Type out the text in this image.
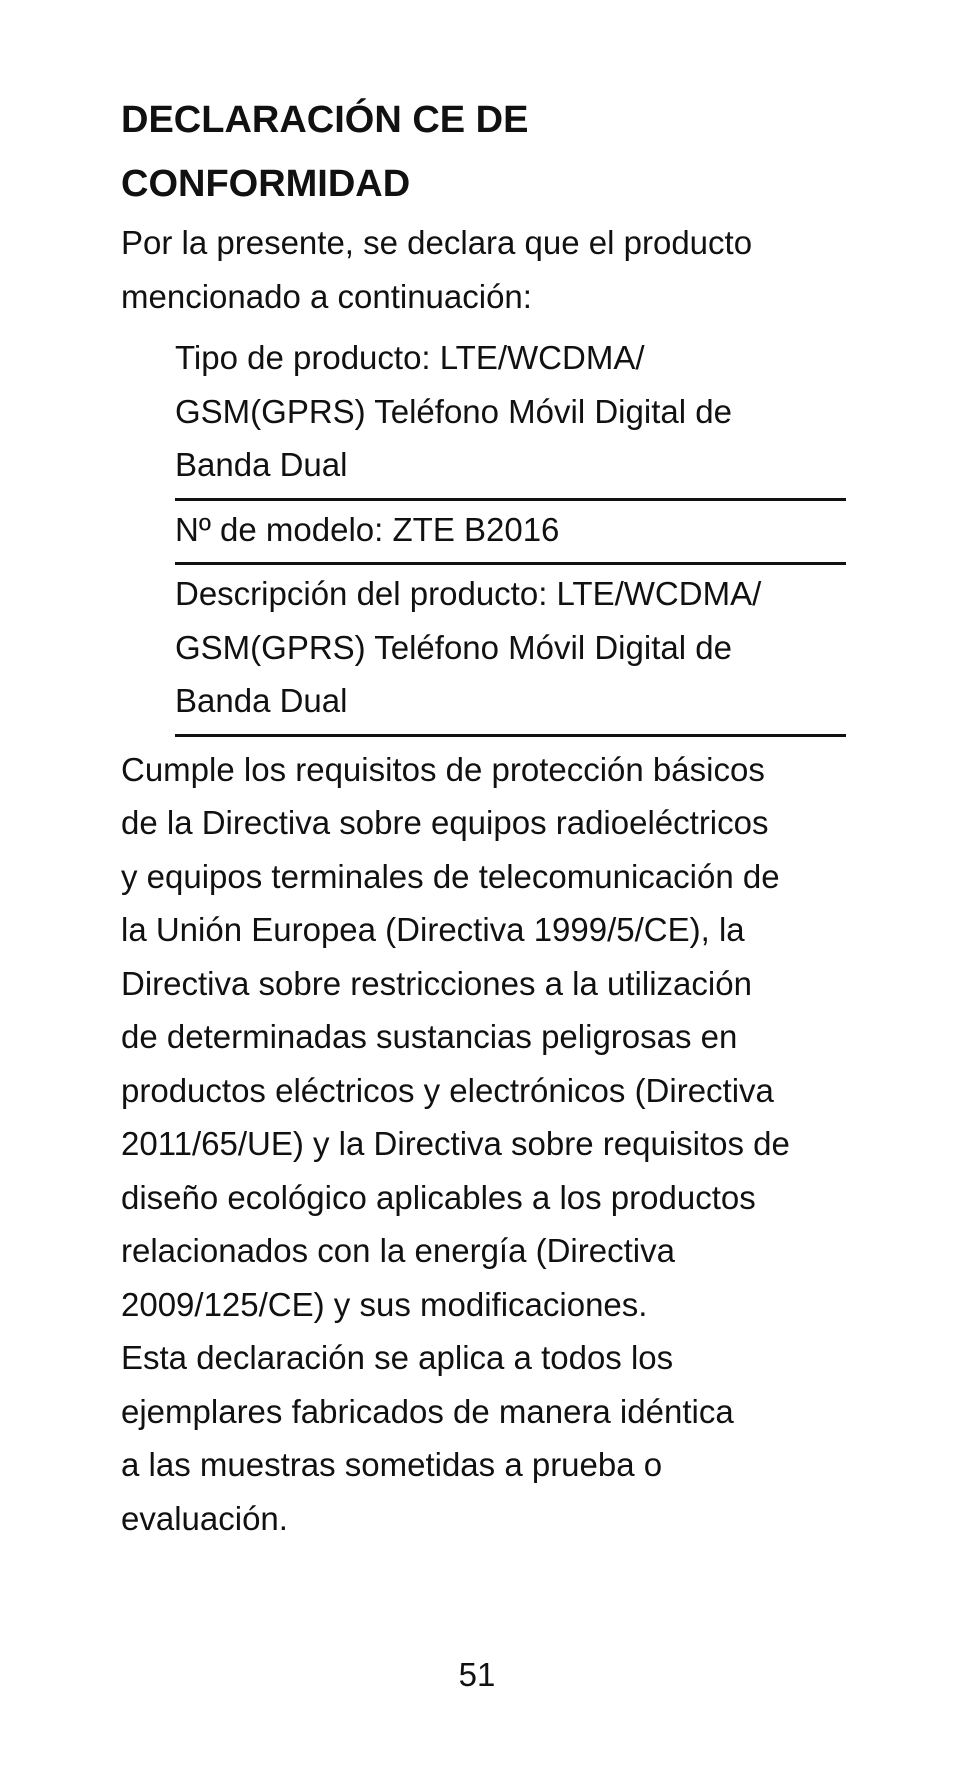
DECLARACIÓN CE DE
CONFORMIDAD

Por la presente, se declara que el producto
mencionado a continuación:

Tipo de producto: LTE/WCDMA/
GSM(GPRS) Teléfono Móvil Digital de
Banda Dual
Nº de modelo: ZTE B2016
Descripción del producto: LTE/WCDMA/
GSM(GPRS) Teléfono Móvil Digital de
Banda Dual

Cumple los requisitos de protección básicos
de la Directiva sobre equipos radioeléctricos
y equipos terminales de telecomunicación de
la Unión Europea (Directiva 1999/5/CE), la
Directiva sobre restricciones a la utilización
de determinadas sustancias peligrosas en
productos eléctricos y electrónicos (Directiva
2011/65/UE) y la Directiva sobre requisitos de
diseño ecológico aplicables a los productos
relacionados con la energía (Directiva
2009/125/CE) y sus modificaciones.

Esta declaración se aplica a todos los
ejemplares fabricados de manera idéntica
a las muestras sometidas a prueba o
evaluación.

51
